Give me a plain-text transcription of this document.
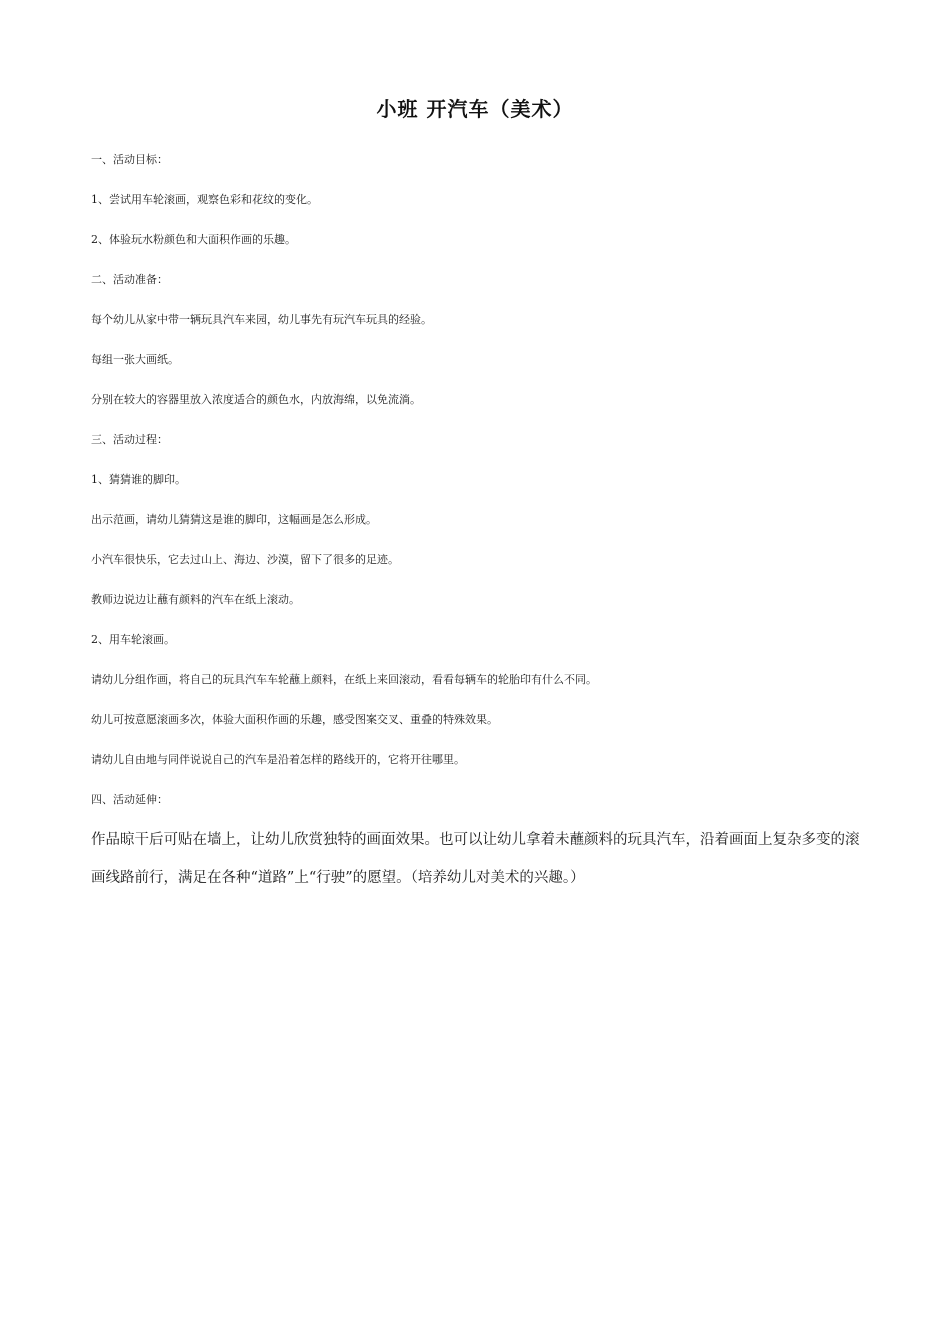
小班 开汽车（美术）
一、活动目标：
1、尝试用车轮滚画，观察色彩和花纹的变化。
2、体验玩水粉颜色和大面积作画的乐趣。
二、活动准备：
每个幼儿从家中带一辆玩具汽车来园，幼儿事先有玩汽车玩具的经验。
每组一张大画纸。
分别在较大的容器里放入浓度适合的颜色水，内放海绵，以免流淌。
三、活动过程：
1、猜猜谁的脚印。
出示范画，请幼儿猜猜这是谁的脚印，这幅画是怎么形成。
小汽车很快乐，它去过山上、海边、沙漠，留下了很多的足迹。
教师边说边让蘸有颜料的汽车在纸上滚动。
2、用车轮滚画。
请幼儿分组作画，将自己的玩具汽车车轮蘸上颜料，在纸上来回滚动，看看每辆车的轮胎印有什么不同。
幼儿可按意愿滚画多次，体验大面积作画的乐趣，感受图案交叉、重叠的特殊效果。
请幼儿自由地与同伴说说自己的汽车是沿着怎样的路线开的，它将开往哪里。
四、活动延伸：
作品晾干后可贴在墙上，让幼儿欣赏独特的画面效果。也可以让幼儿拿着未蘸颜料的玩具汽车，沿着画面上复杂多变的滚画线路前行，满足在各种“道路”上“行驶”的愿望。（培养幼儿对美术的兴趣。）
